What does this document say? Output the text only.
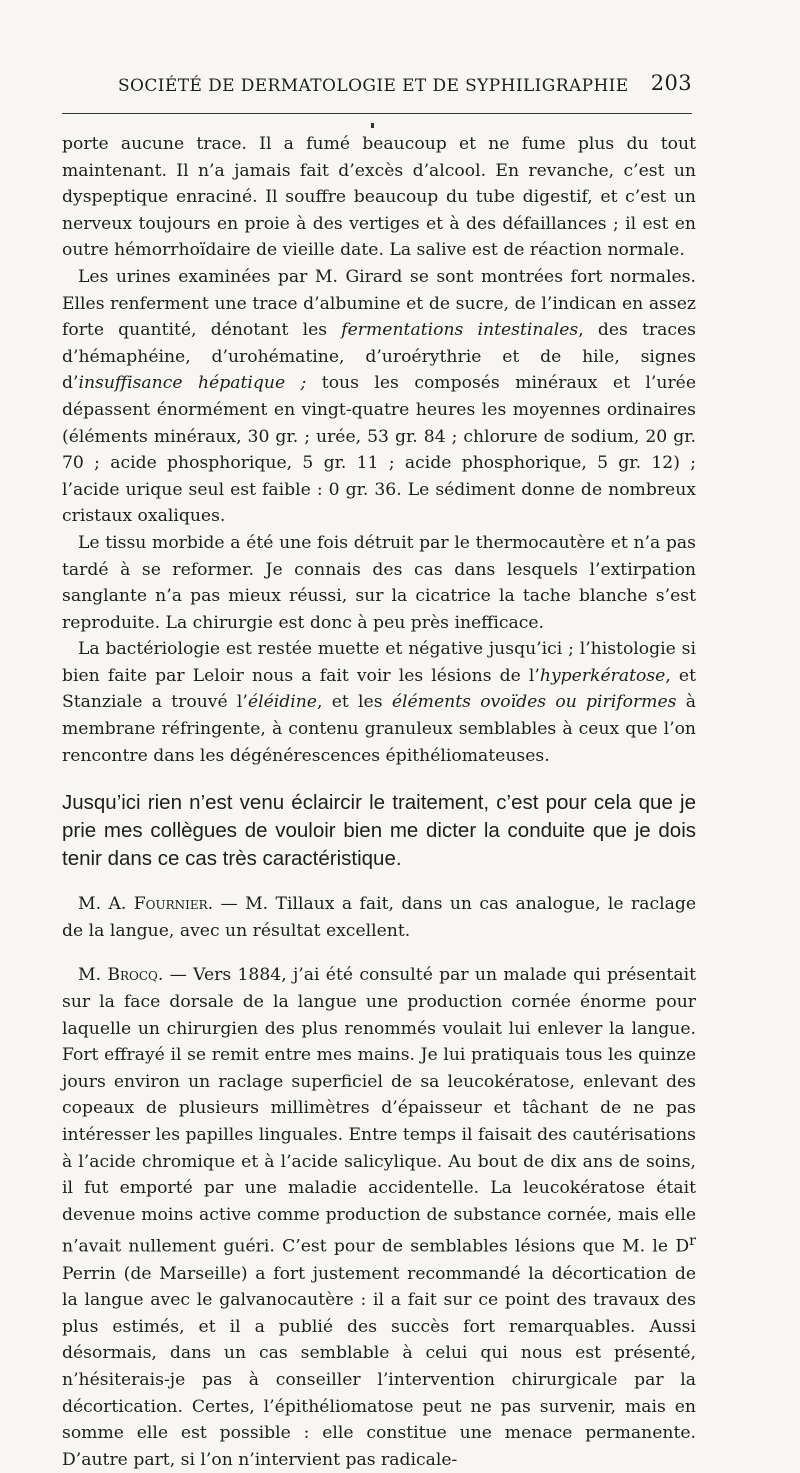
SOCIÉTÉ DE DERMATOLOGIE ET DE SYPHILIGRAPHIE 203

porte aucune trace. Il a fumé beaucoup et ne fume plus du tout maintenant. Il n’a jamais fait d’excès d’alcool. En revanche, c’est un dyspeptique enraciné. Il souffre beaucoup du tube digestif, et c’est un nerveux toujours en proie à des vertiges et à des défaillances ; il est en outre hémorrhoïdaire de vieille date. La salive est de réaction normale.

Les urines examinées par M. Girard se sont montrées fort normales. Elles renferment une trace d’albumine et de sucre, de l’indican en assez forte quantité, dénotant les fermentations intestinales, des traces d’hémaphéine, d’urohématine, d’uroérythrie et de hile, signes d’insuffisance hépatique ; tous les composés minéraux et l’urée dépassent énormément en vingt-quatre heures les moyennes ordinaires (éléments minéraux, 30 gr. ; urée, 53 gr. 84 ; chlorure de sodium, 20 gr. 70 ; acide phosphorique, 5 gr. 11 ; acide phosphorique, 5 gr. 12) ; l’acide urique seul est faible : 0 gr. 36. Le sédiment donne de nombreux cristaux oxaliques.

Le tissu morbide a été une fois détruit par le thermocautère et n’a pas tardé à se reformer. Je connais des cas dans lesquels l’extirpation sanglante n’a pas mieux réussi, sur la cicatrice la tache blanche s’est reproduite. La chirurgie est donc à peu près inefficace.

La bactériologie est restée muette et négative jusqu’ici ; l’histologie si bien faite par Leloir nous a fait voir les lésions de l’hyperkératose, et Stanziale a trouvé l’éléidine, et les éléments ovoïdes ou piriformes à membrane réfringente, à contenu granuleux semblables à ceux que l’on rencontre dans les dégénérescences épithéliomateuses.

Jusqu’ici rien n’est venu éclaircir le traitement, c’est pour cela que je prie mes collègues de vouloir bien me dicter la conduite que je dois tenir dans ce cas très caractéristique.

M. A. Fournier. — M. Tillaux a fait, dans un cas analogue, le raclage de la langue, avec un résultat excellent.

M. Brocq. — Vers 1884, j’ai été consulté par un malade qui présentait sur la face dorsale de la langue une production cornée énorme pour laquelle un chirurgien des plus renommés voulait lui enlever la langue. Fort effrayé il se remit entre mes mains. Je lui pratiquais tous les quinze jours environ un raclage superficiel de sa leucokératose, enlevant des copeaux de plusieurs millimètres d’épaisseur et tâchant de ne pas intéresser les papilles linguales. Entre temps il faisait des cautérisations à l’acide chromique et à l’acide salicylique. Au bout de dix ans de soins, il fut emporté par une maladie accidentelle. La leucokératose était devenue moins active comme production de substance cornée, mais elle n’avait nullement guéri. C’est pour de semblables lésions que M. le $D^r$ Perrin (de Marseille) a fort justement recommandé la décortication de la langue avec le galvanocautère : il a fait sur ce point des travaux des plus estimés, et il a publié des succès fort remarquables. Aussi désormais, dans un cas semblable à celui qui nous est présenté, n’hésiterais-je pas à conseiller l’intervention chirurgicale par la décortication. Certes, l’épithéliomatose peut ne pas survenir, mais en somme elle est possible : elle constitue une menace permanente. D’autre part, si l’on n’intervient pas radicale-
